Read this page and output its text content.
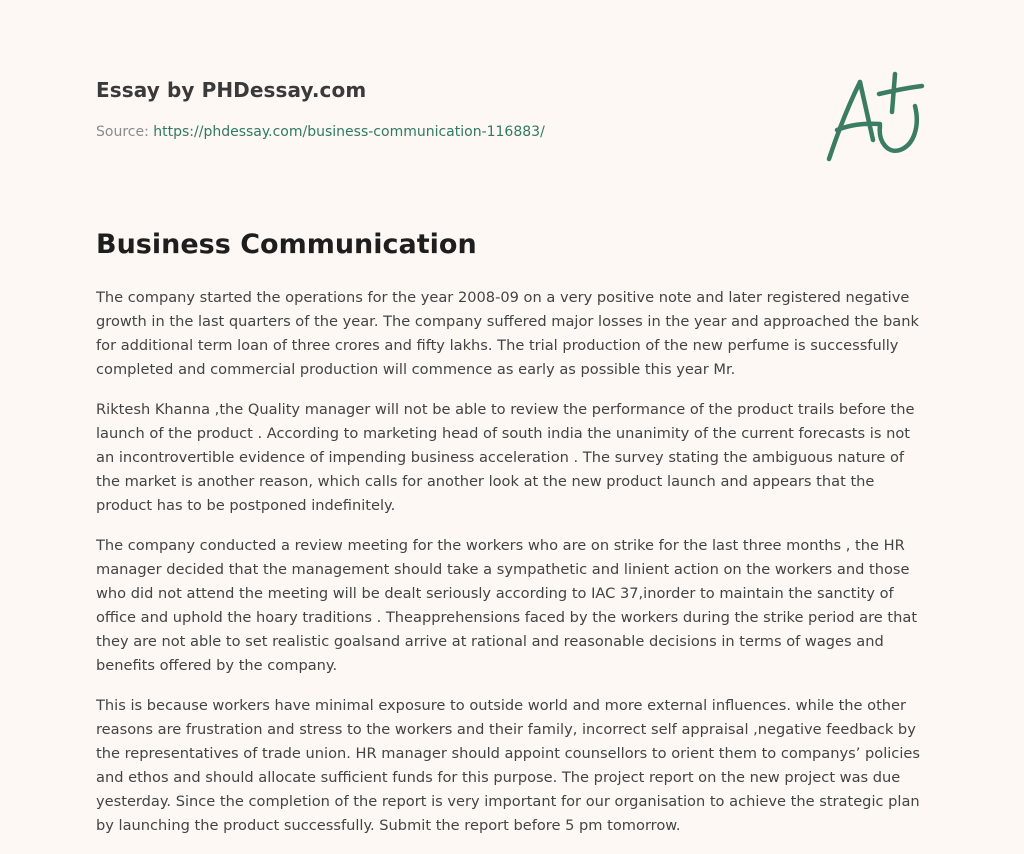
Essay by PHDessay.com
Source: https://phdessay.com/business-communication-116883/
Business Communication

The company started the operations for the year 2008-09 on a very positive note and later registered negative growth in the last quarters of the year. The company suffered major losses in the year and approached the bank for additional term loan of three crores and fifty lakhs. The trial production of the new perfume is successfully completed and commercial production will commence as early as possible this year Mr.

Riktesh Khanna ,the Quality manager will not be able to review the performance of the product trails before the launch of the product . According to marketing head of south india the unanimity of the current forecasts is not an incontrovertible evidence of impending business acceleration . The survey stating the ambiguous nature of the market is another reason, which calls for another look at the new product launch and appears that the product has to be postponed indefinitely.

The company conducted a review meeting for the workers who are on strike for the last three months , the HR manager decided that the management should take a sympathetic and linient action on the workers and those who did not attend the meeting will be dealt seriously according to IAC 37,inorder to maintain the sanctity of office and uphold the hoary traditions . Theapprehensions faced by the workers during the strike period are that they are not able to set realistic goalsand arrive at rational and reasonable decisions in terms of wages and benefits offered by the company.

This is because workers have minimal exposure to outside world and more external influences. while the other reasons are frustration and stress to the workers and their family, incorrect self appraisal ,negative feedback by the representatives of trade union. HR manager should appoint counsellors to orient them to companys’ policies and ethos and should allocate sufficient funds for this purpose. The project report on the new project was due yesterday. Since the completion of the report is very important for our organisation to achieve the strategic plan by launching the product successfully. Submit the report before 5 pm tomorrow.
